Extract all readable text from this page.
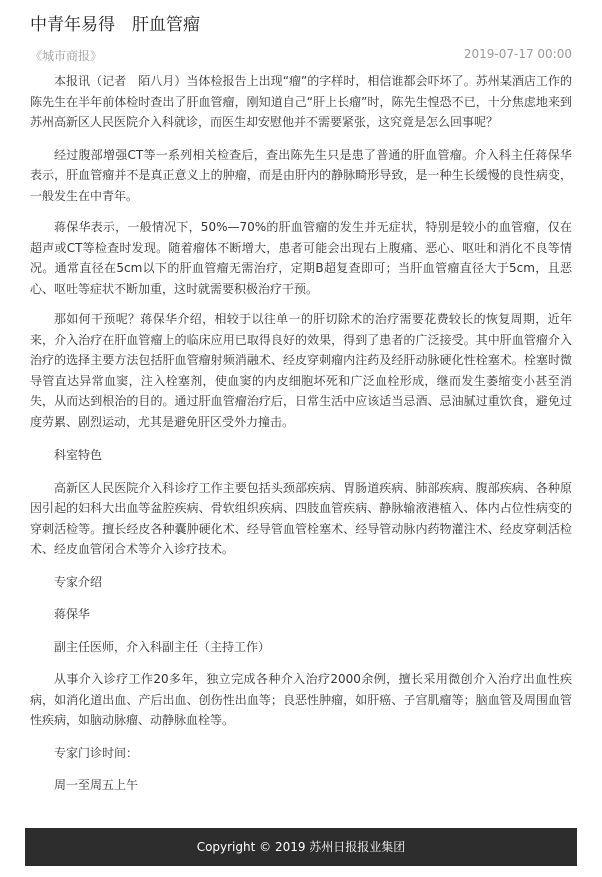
中青年易得　肝血管瘤
《城市商报》	2019-07-17 00:00

本报讯（记者　陌八月）当体检报告上出现“瘤”的字样时，相信谁都会吓坏了。苏州某酒店工作的陈先生在半年前体检时查出了肝血管瘤，刚知道自己“肝上长瘤”时，陈先生惶恐不已，十分焦虑地来到苏州高新区人民医院介入科就诊，而医生却安慰他并不需要紧张，这究竟是怎么回事呢？

经过腹部增强CT等一系列相关检查后，查出陈先生只是患了普通的肝血管瘤。介入科主任蒋保华表示，肝血管瘤并不是真正意义上的肿瘤，而是由肝内的静脉畸形导致，是一种生长缓慢的良性病变，一般发生在中青年。

蒋保华表示，一般情况下，50%—70%的肝血管瘤的发生并无症状，特别是较小的血管瘤，仅在超声或CT等检查时发现。随着瘤体不断增大，患者可能会出现右上腹痛、恶心、呕吐和消化不良等情况。通常直径在5cm以下的肝血管瘤无需治疗，定期B超复查即可；当肝血管瘤直径大于5cm，且恶心、呕吐等症状不断加重，这时就需要积极治疗干预。

那如何干预呢？蒋保华介绍，相较于以往单一的肝切除术的治疗需要花费较长的恢复周期，近年来，介入治疗在肝血管瘤上的临床应用已取得良好的效果，得到了患者的广泛接受。其中肝血管瘤介入治疗的选择主要方法包括肝血管瘤射频消融术、经皮穿刺瘤内注药及经肝动脉硬化性栓塞术。栓塞时微导管直达异常血窦，注入栓塞剂，使血窦的内皮细胞坏死和广泛血栓形成，继而发生萎缩变小甚至消失，从而达到根治的目的。通过肝血管瘤治疗后，日常生活中应该适当忌酒、忌油腻过重饮食，避免过度劳累、剧烈运动，尤其是避免肝区受外力撞击。

科室特色

高新区人民医院介入科诊疗工作主要包括头颈部疾病、胃肠道疾病、肺部疾病、腹部疾病、各种原因引起的妇科大出血等盆腔疾病、骨软组织疾病、四肢血管疾病、静脉输液港植入、体内占位性病变的穿刺活检等。擅长经皮各种囊肿硬化术、经导管血管栓塞术、经导管动脉内药物灌注术、经皮穿刺活检术、经皮血管闭合术等介入诊疗技术。

专家介绍

蒋保华

副主任医师，介入科副主任（主持工作）

从事介入诊疗工作20多年，独立完成各种介入治疗2000余例，擅长采用微创介入治疗出血性疾病，如消化道出血、产后出血、创伤性出血等；良恶性肿瘤，如肝癌、子宫肌瘤等；脑血管及周围血管性疾病，如脑动脉瘤、动静脉血栓等。

专家门诊时间：

周一至周五上午

Copyright © 2019 苏州日报报业集团
